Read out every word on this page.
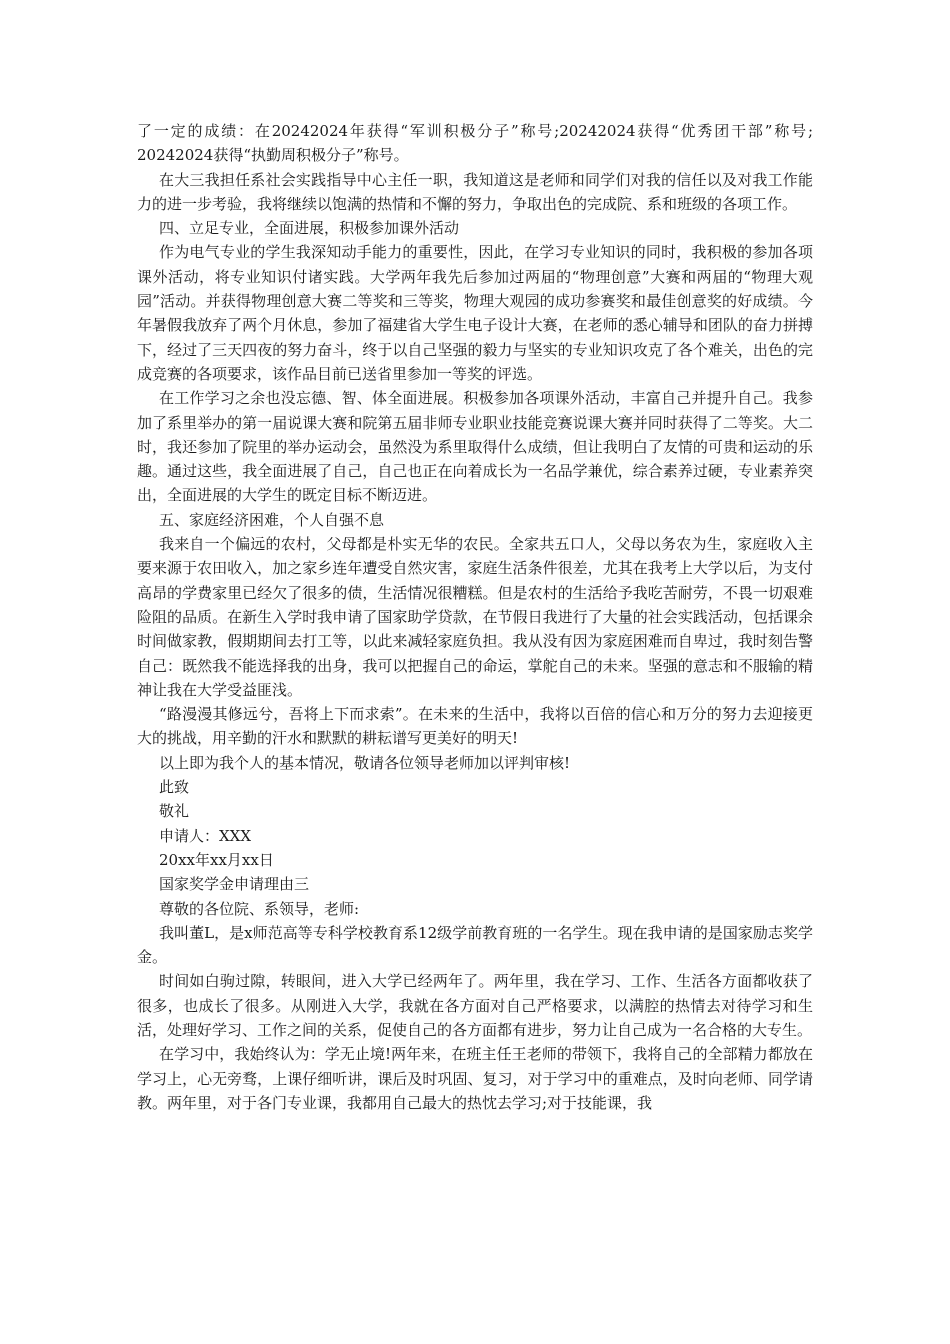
了一定的成绩：在20242024年获得“军训积极分子”称号;20242024获得“优秀团干部”称号; 20242024获得“执勤周积极分子”称号。

在大三我担任系社会实践指导中心主任一职，我知道这是老师和同学们对我的信任以及对我工作能力的进一步考验，我将继续以饱满的热情和不懈的努力，争取出色的完成院、系和班级的各项工作。

四、立足专业，全面进展，积极参加课外活动

作为电气专业的学生我深知动手能力的重要性，因此，在学习专业知识的同时，我积极的参加各项课外活动，将专业知识付诸实践。大学两年我先后参加过两届的“物理创意”大赛和两届的“物理大观园”活动。并获得物理创意大赛二等奖和三等奖，物理大观园的成功参赛奖和最佳创意奖的好成绩。今年暑假我放弃了两个月休息，参加了福建省大学生电子设计大赛，在老师的悉心辅导和团队的奋力拼搏下，经过了三天四夜的努力奋斗，终于以自己坚强的毅力与坚实的专业知识攻克了各个难关，出色的完成竞赛的各项要求，该作品目前已送省里参加一等奖的评选。

在工作学习之余也没忘德、智、体全面进展。积极参加各项课外活动，丰富自己并提升自己。我参加了系里举办的第一届说课大赛和院第五届非师专业职业技能竞赛说课大赛并同时获得了二等奖。大二时，我还参加了院里的举办运动会，虽然没为系里取得什么成绩，但让我明白了友情的可贵和运动的乐趣。通过这些，我全面进展了自己，自己也正在向着成长为一名品学兼优，综合素养过硬，专业素养突出，全面进展的大学生的既定目标不断迈进。

五、家庭经济困难，个人自强不息

我来自一个偏远的农村，父母都是朴实无华的农民。全家共五口人，父母以务农为生，家庭收入主要来源于农田收入，加之家乡连年遭受自然灾害，家庭生活条件很差，尤其在我考上大学以后，为支付高昂的学费家里已经欠了很多的债，生活情况很糟糕。但是农村的生活给予我吃苦耐劳，不畏一切艰难险阻的品质。在新生入学时我申请了国家助学贷款，在节假日我进行了大量的社会实践活动，包括课余时间做家教，假期期间去打工等，以此来减轻家庭负担。我从没有因为家庭困难而自卑过，我时刻告警自己：既然我不能选择我的出身，我可以把握自己的命运，掌舵自己的未来。坚强的意志和不服输的精神让我在大学受益匪浅。

“路漫漫其修远兮，吾将上下而求索”。在未来的生活中，我将以百倍的信心和万分的努力去迎接更大的挑战，用辛勤的汗水和默默的耕耘谱写更美好的明天!

以上即为我个人的基本情况，敬请各位领导老师加以评判审核!

此致

敬礼

申请人：XXX

20xx年xx月xx日

国家奖学金申请理由三

尊敬的各位院、系领导，老师:

我叫董L，是x师范高等专科学校教育系12级学前教育班的一名学生。现在我申请的是国家励志奖学金。

时间如白驹过隙，转眼间，进入大学已经两年了。两年里，我在学习、工作、生活各方面都收获了很多，也成长了很多。从刚进入大学，我就在各方面对自己严格要求，以满腔的热情去对待学习和生活，处理好学习、工作之间的关系，促使自己的各方面都有进步，努力让自己成为一名合格的大专生。

在学习中，我始终认为：学无止境!两年来，在班主任王老师的带领下，我将自己的全部精力都放在学习上，心无旁骛，上课仔细听讲，课后及时巩固、复习，对于学习中的重难点，及时向老师、同学请教。两年里，对于各门专业课，我都用自己最大的热忱去学习;对于技能课，我
